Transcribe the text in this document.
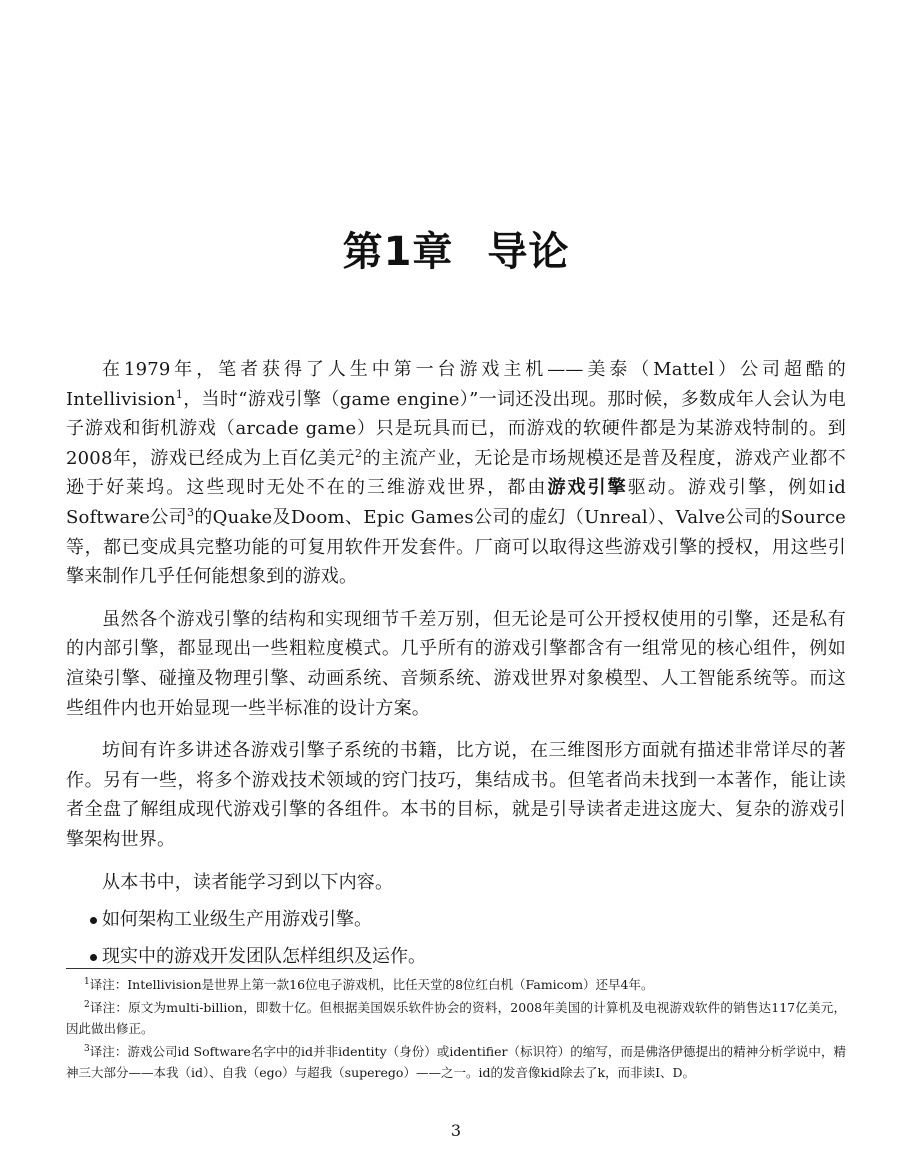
第1章 导论

在1979年，笔者获得了人生中第一台游戏主机——美泰（Mattel）公司超酷的Intellivision$^1$，当时“游戏引擎（game engine）”一词还没出现。那时候，多数成年人会认为电子游戏和街机游戏（arcade game）只是玩具而已，而游戏的软硬件都是为某游戏特制的。到2008年，游戏已经成为上百亿美元$^2$的主流产业，无论是市场规模还是普及程度，游戏产业都不逊于好莱坞。这些现时无处不在的三维游戏世界，都由游戏引擎驱动。游戏引擎，例如id Software公司$^3$的Quake及Doom、Epic Games公司的虚幻（Unreal）、Valve公司的Source等，都已变成具完整功能的可复用软件开发套件。厂商可以取得这些游戏引擎的授权，用这些引擎来制作几乎任何能想象到的游戏。

虽然各个游戏引擎的结构和实现细节千差万别，但无论是可公开授权使用的引擎，还是私有的内部引擎，都显现出一些粗粒度模式。几乎所有的游戏引擎都含有一组常见的核心组件，例如渲染引擎、碰撞及物理引擎、动画系统、音频系统、游戏世界对象模型、人工智能系统等。而这些组件内也开始显现一些半标准的设计方案。

坊间有许多讲述各游戏引擎子系统的书籍，比方说，在三维图形方面就有描述非常详尽的著作。另有一些，将多个游戏技术领域的窍门技巧，集结成书。但笔者尚未找到一本著作，能让读者全盘了解组成现代游戏引擎的各组件。本书的目标，就是引导读者走进这庞大、复杂的游戏引擎架构世界。

从本书中，读者能学习到以下内容。

如何架构工业级生产用游戏引擎。
现实中的游戏开发团队怎样组织及运作。

$^1$译注：Intellivision是世界上第一款16位电子游戏机，比任天堂的8位红白机（Famicom）还早4年。

$^2$译注：原文为multi-billion，即数十亿。但根据美国娱乐软件协会的资料，2008年美国的计算机及电视游戏软件的销售达117亿美元，因此做出修正。

$^3$译注：游戏公司id Software名字中的id并非identity（身份）或identifier（标识符）的缩写，而是佛洛伊德提出的精神分析学说中，精神三大部分——本我（id）、自我（ego）与超我（superego）——之一。id的发音像kid除去了k，而非读I、D。

3
